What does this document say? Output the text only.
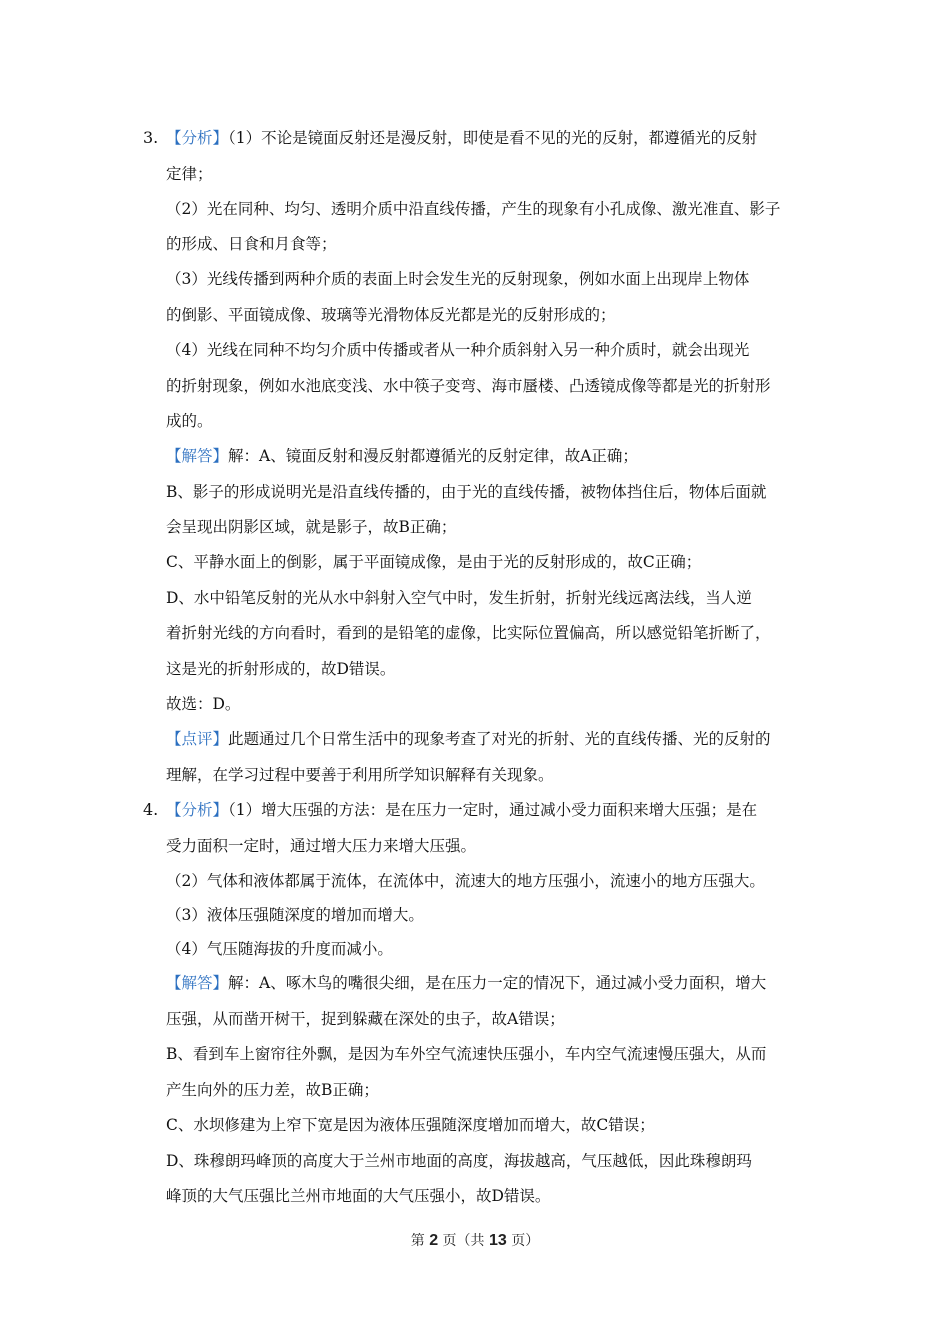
3. 【分析】（1）不论是镜面反射还是漫反射，即使是看不见的光的反射，都遵循光的反射
定律；
（2）光在同种、均匀、透明介质中沿直线传播，产生的现象有小孔成像、激光准直、影子
的形成、日食和月食等；
（3）光线传播到两种介质的表面上时会发生光的反射现象，例如水面上出现岸上物体
的倒影、平面镜成像、玻璃等光滑物体反光都是光的反射形成的；
（4）光线在同种不均匀介质中传播或者从一种介质斜射入另一种介质时，就会出现光
的折射现象，例如水池底变浅、水中筷子变弯、海市蜃楼、凸透镜成像等都是光的折射形
成的。
【解答】解：A、镜面反射和漫反射都遵循光的反射定律，故A正确；
B、影子的形成说明光是沿直线传播的，由于光的直线传播，被物体挡住后，物体后面就
会呈现出阴影区域，就是影子，故B正确；
C、平静水面上的倒影，属于平面镜成像，是由于光的反射形成的，故C正确；
D、水中铅笔反射的光从水中斜射入空气中时，发生折射，折射光线远离法线，当人逆
着折射光线的方向看时，看到的是铅笔的虚像，比实际位置偏高，所以感觉铅笔折断了，
这是光的折射形成的，故D错误。
故选：D。
【点评】此题通过几个日常生活中的现象考查了对光的折射、光的直线传播、光的反射的
理解，在学习过程中要善于利用所学知识解释有关现象。
4. 【分析】（1）增大压强的方法：是在压力一定时，通过减小受力面积来增大压强；是在
受力面积一定时，通过增大压力来增大压强。
（2）气体和液体都属于流体，在流体中，流速大的地方压强小，流速小的地方压强大。
（3）液体压强随深度的增加而增大。
（4）气压随海拔的升度而减小。
【解答】解：A、啄木鸟的嘴很尖细，是在压力一定的情况下，通过减小受力面积，增大
压强，从而凿开树干，捉到躲藏在深处的虫子，故A错误；
B、看到车上窗帘往外飘，是因为车外空气流速快压强小，车内空气流速慢压强大，从而
产生向外的压力差，故B正确；
C、水坝修建为上窄下宽是因为液体压强随深度增加而增大，故C错误；
D、珠穆朗玛峰顶的高度大于兰州市地面的高度，海拔越高，气压越低，因此珠穆朗玛
峰顶的大气压强比兰州市地面的大气压强小，故D错误。
第 2 页（共 13 页）
